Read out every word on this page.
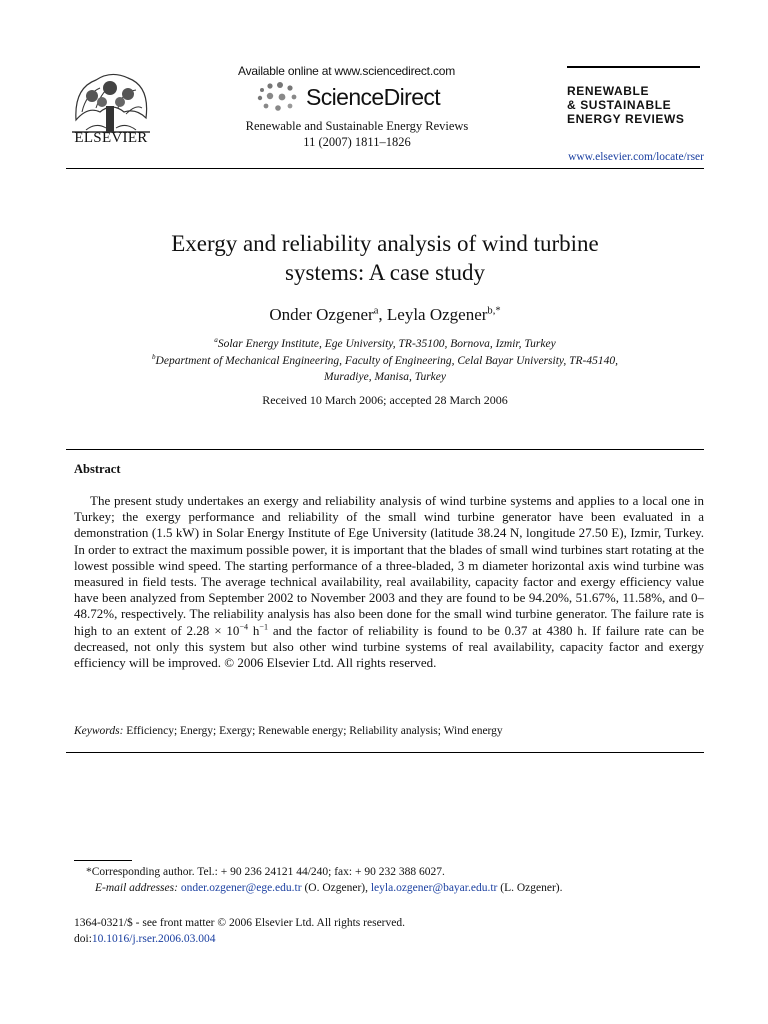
ELSEVIER
Available online at www.sciencedirect.com
ScienceDirect
Renewable and Sustainable Energy Reviews
11 (2007) 1811–1826
RENEWABLE
& SUSTAINABLE
ENERGY REVIEWS
www.elsevier.com/locate/rser
Exergy and reliability analysis of wind turbine
systems: A case study
Onder Ozgener$^a$, Leyla Ozgener$^{b,*}$
$^a$Solar Energy Institute, Ege University, TR-35100, Bornova, Izmir, Turkey
$^b$Department of Mechanical Engineering, Faculty of Engineering, Celal Bayar University, TR-45140,
Muradiye, Manisa, Turkey
Received 10 March 2006; accepted 28 March 2006
Abstract

The present study undertakes an exergy and reliability analysis of wind turbine systems and applies to a local one in Turkey; the exergy performance and reliability of the small wind turbine generator have been evaluated in a demonstration (1.5 kW) in Solar Energy Institute of Ege University (latitude 38.24 N, longitude 27.50 E), Izmir, Turkey. In order to extract the maximum possible power, it is important that the blades of small wind turbines start rotating at the lowest possible wind speed. The starting performance of a three-bladed, 3 m diameter horizontal axis wind turbine was measured in field tests. The average technical availability, real availability, capacity factor and exergy efficiency value have been analyzed from September 2002 to November 2003 and they are found to be 94.20%, 51.67%, 11.58%, and 0–48.72%, respectively. The reliability analysis has also been done for the small wind turbine generator. The failure rate is high to an extent of $2.28 \times 10^{-4}$ $h^{-1}$ and the factor of reliability is found to be 0.37 at 4380 h. If failure rate can be decreased, not only this system but also other wind turbine systems of real availability, capacity factor and exergy efficiency will be improved. © 2006 Elsevier Ltd. All rights reserved.

Keywords: Efficiency; Energy; Exergy; Renewable energy; Reliability analysis; Wind energy
*Corresponding author. Tel.: + 90 236 24121 44/240; fax: + 90 232 388 6027.
E-mail addresses: onder.ozgener@ege.edu.tr (O. Ozgener), leyla.ozgener@bayar.edu.tr (L. Ozgener).
1364-0321/$ - see front matter © 2006 Elsevier Ltd. All rights reserved.
doi:10.1016/j.rser.2006.03.004
